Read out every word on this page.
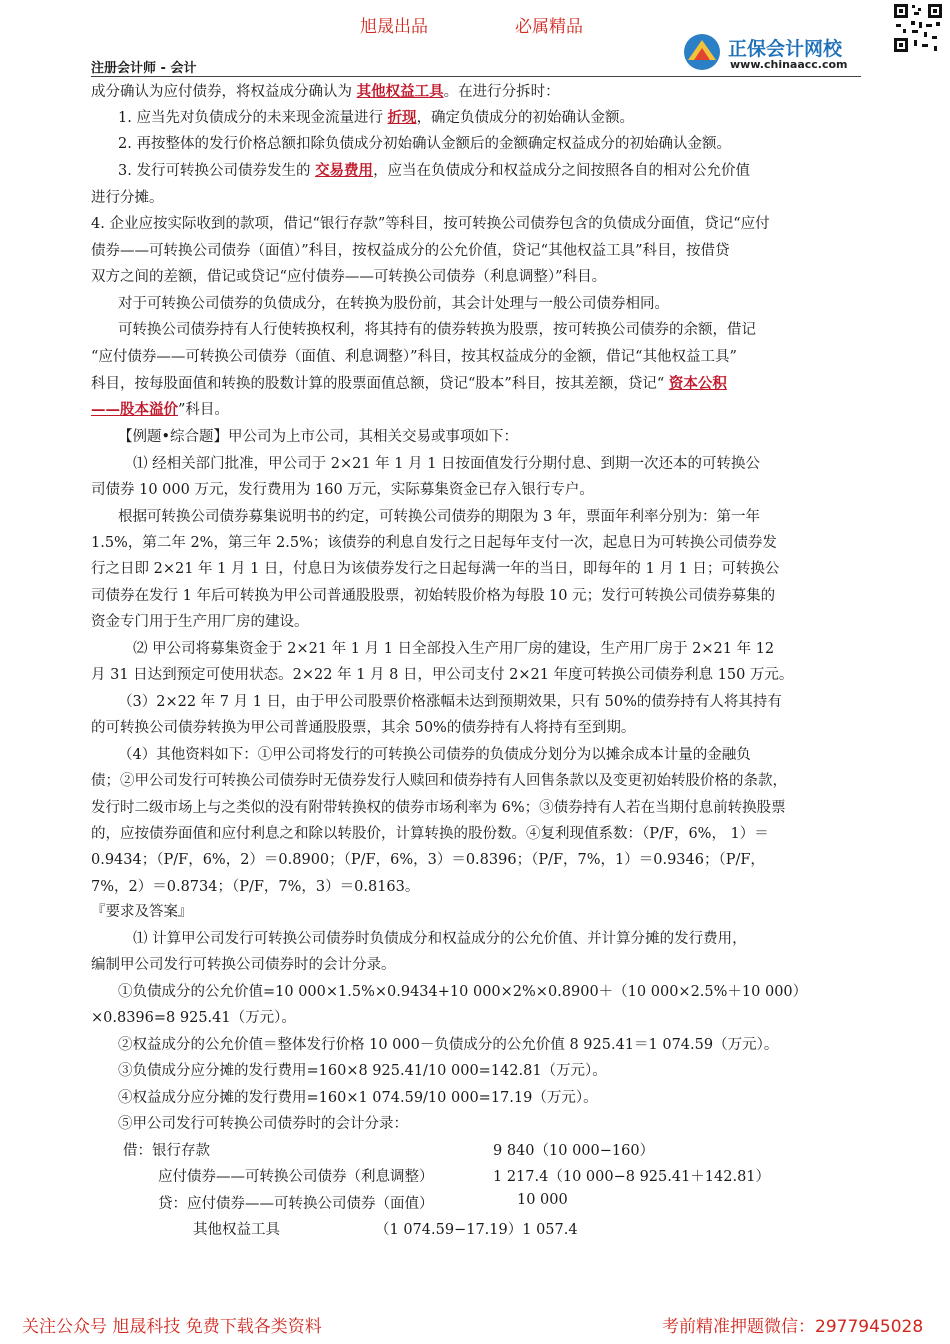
旭晟出品	必属精品
注册会计师 - 会计
正保会计网校
www.chinaacc.com
成分确认为应付债券，将权益成分确认为 其他权益工具。在进行分拆时：
1. 应当先对负债成分的未来现金流量进行 折现，确定负债成分的初始确认金额。
2. 再按整体的发行价格总额扣除负债成分初始确认金额后的金额确定权益成分的初始确认金额。
3. 发行可转换公司债券发生的 交易费用，应当在负债成分和权益成分之间按照各自的相对公允价值
进行分摊。
4. 企业应按实际收到的款项，借记“银行存款”等科目，按可转换公司债券包含的负债成分面值，贷记“应付
债券——可转换公司债券（面值）”科目，按权益成分的公允价值，贷记“其他权益工具”科目，按借贷
双方之间的差额，借记或贷记“应付债券——可转换公司债券（利息调整）”科目。
对于可转换公司债券的负债成分，在转换为股份前，其会计处理与一般公司债券相同。
可转换公司债券持有人行使转换权利，将其持有的债券转换为股票，按可转换公司债券的余额，借记
“应付债券——可转换公司债券（面值、利息调整）”科目，按其权益成分的金额，借记“其他权益工具”
科目，按每股面值和转换的股数计算的股票面值总额，贷记“股本”科目，按其差额，贷记“ 资本公积
——股本溢价”科目。
【例题•综合题】甲公司为上市公司，其相关交易或事项如下：
⑴ 经相关部门批准，甲公司于 2×21 年 1 月 1 日按面值发行分期付息、到期一次还本的可转换公
司债券 10 000 万元，发行费用为 160 万元，实际募集资金已存入银行专户。
根据可转换公司债券募集说明书的约定，可转换公司债券的期限为 3 年，票面年利率分别为：第一年
1.5%，第二年 2%，第三年 2.5%；该债券的利息自发行之日起每年支付一次，起息日为可转换公司债券发
行之日即 2×21 年 1 月 1 日，付息日为该债券发行之日起每满一年的当日，即每年的 1 月 1 日；可转换公
司债券在发行 1 年后可转换为甲公司普通股股票，初始转股价格为每股 10 元；发行可转换公司债券募集的
资金专门用于生产用厂房的建设。
⑵ 甲公司将募集资金于 2×21 年 1 月 1 日全部投入生产用厂房的建设，生产用厂房于 2×21 年 12
月 31 日达到预定可使用状态。2×22 年 1 月 8 日，甲公司支付 2×21 年度可转换公司债券利息 150 万元。
（3）2×22 年 7 月 1 日，由于甲公司股票价格涨幅未达到预期效果，只有 50%的债券持有人将其持有
的可转换公司债券转换为甲公司普通股股票，其余 50%的债券持有人将持有至到期。
（4）其他资料如下：①甲公司将发行的可转换公司债券的负债成分划分为以摊余成本计量的金融负
债；②甲公司发行可转换公司债券时无债券发行人赎回和债券持有人回售条款以及变更初始转股价格的条款，
发行时二级市场上与之类似的没有附带转换权的债券市场利率为 6%；③债券持有人若在当期付息前转换股票
的，应按债券面值和应付利息之和除以转股价，计算转换的股份数。④复利现值系数：（P/F，6%， 1）＝
0.9434；（P/F，6%，2）＝0.8900；（P/F，6%，3）＝0.8396；（P/F，7%，1）＝0.9346；（P/F，
7%，2）＝0.8734；（P/F，7%，3）＝0.8163。
『要求及答案』
⑴ 计算甲公司发行可转换公司债券时负债成分和权益成分的公允价值、并计算分摊的发行费用，
编制甲公司发行可转换公司债券时的会计分录。
①负债成分的公允价值=10 000×1.5%×0.9434+10 000×2%×0.8900＋（10 000×2.5%＋10 000）
×0.8396=8 925.41（万元）。
②权益成分的公允价值＝整体发行价格 10 000－负债成分的公允价值 8 925.41＝1 074.59（万元）。
③负债成分应分摊的发行费用=160×8 925.41/10 000=142.81（万元）。
④权益成分应分摊的发行费用=160×1 074.59/10 000=17.19（万元）。
⑤甲公司发行可转换公司债券时的会计分录：
借：银行存款	9 840（10 000−160）
应付债券——可转换公司债券（利息调整）	1 217.4（10 000−8 925.41＋142.81）
贷：应付债券——可转换公司债券（面值）	10 000
其他权益工具	（1 074.59−17.19）1 057.4
关注公众号 旭晟科技 免费下载各类资料	考前精准押题微信：2977945028
